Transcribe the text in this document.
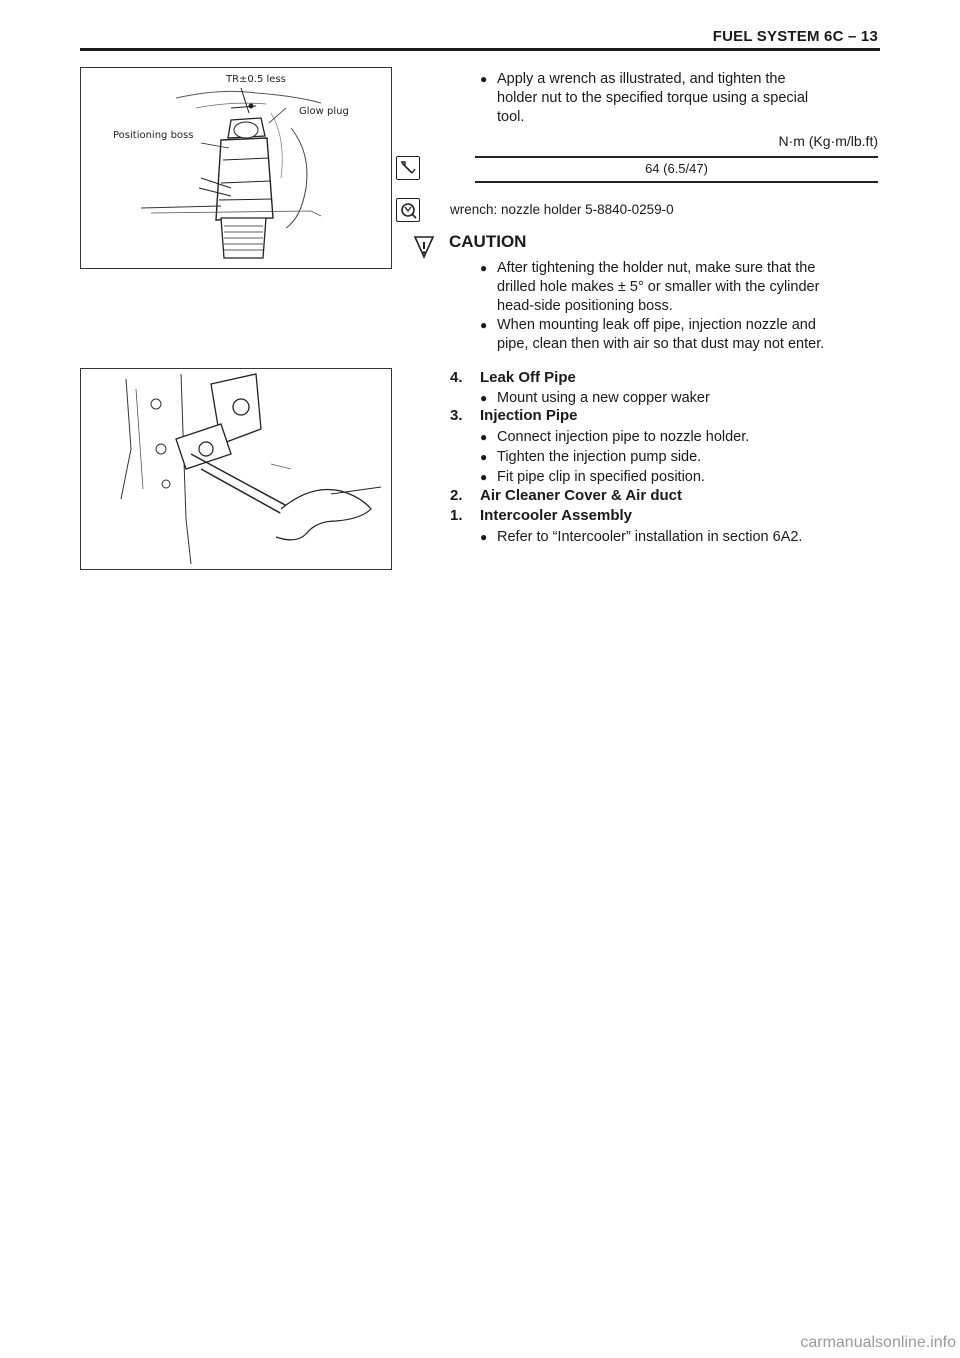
FUEL SYSTEM 6C – 13
TR±0.5 less
Glow plug
Positioning boss
● Apply a wrench as illustrated, and tighten the
holder nut to the specified torque using a special
tool.
N·m (Kg·m/lb.ft)
64 (6.5/47)
wrench: nozzle holder 5-8840-0259-0
CAUTION
● After tightening the holder nut, make sure that the
drilled hole makes ± 5° or smaller with the cylinder
head-side positioning boss.
● When mounting leak off pipe, injection nozzle and
pipe, clean then with air so that dust may not enter.
4. Leak Off Pipe
● Mount using a new copper waker
3. Injection Pipe
● Connect injection pipe to nozzle holder.
● Tighten the injection pump side.
● Fit pipe clip in specified position.
2. Air Cleaner Cover & Air duct
1. Intercooler Assembly
● Refer to “Intercooler” installation in section 6A2.
carmanualsonline.info
